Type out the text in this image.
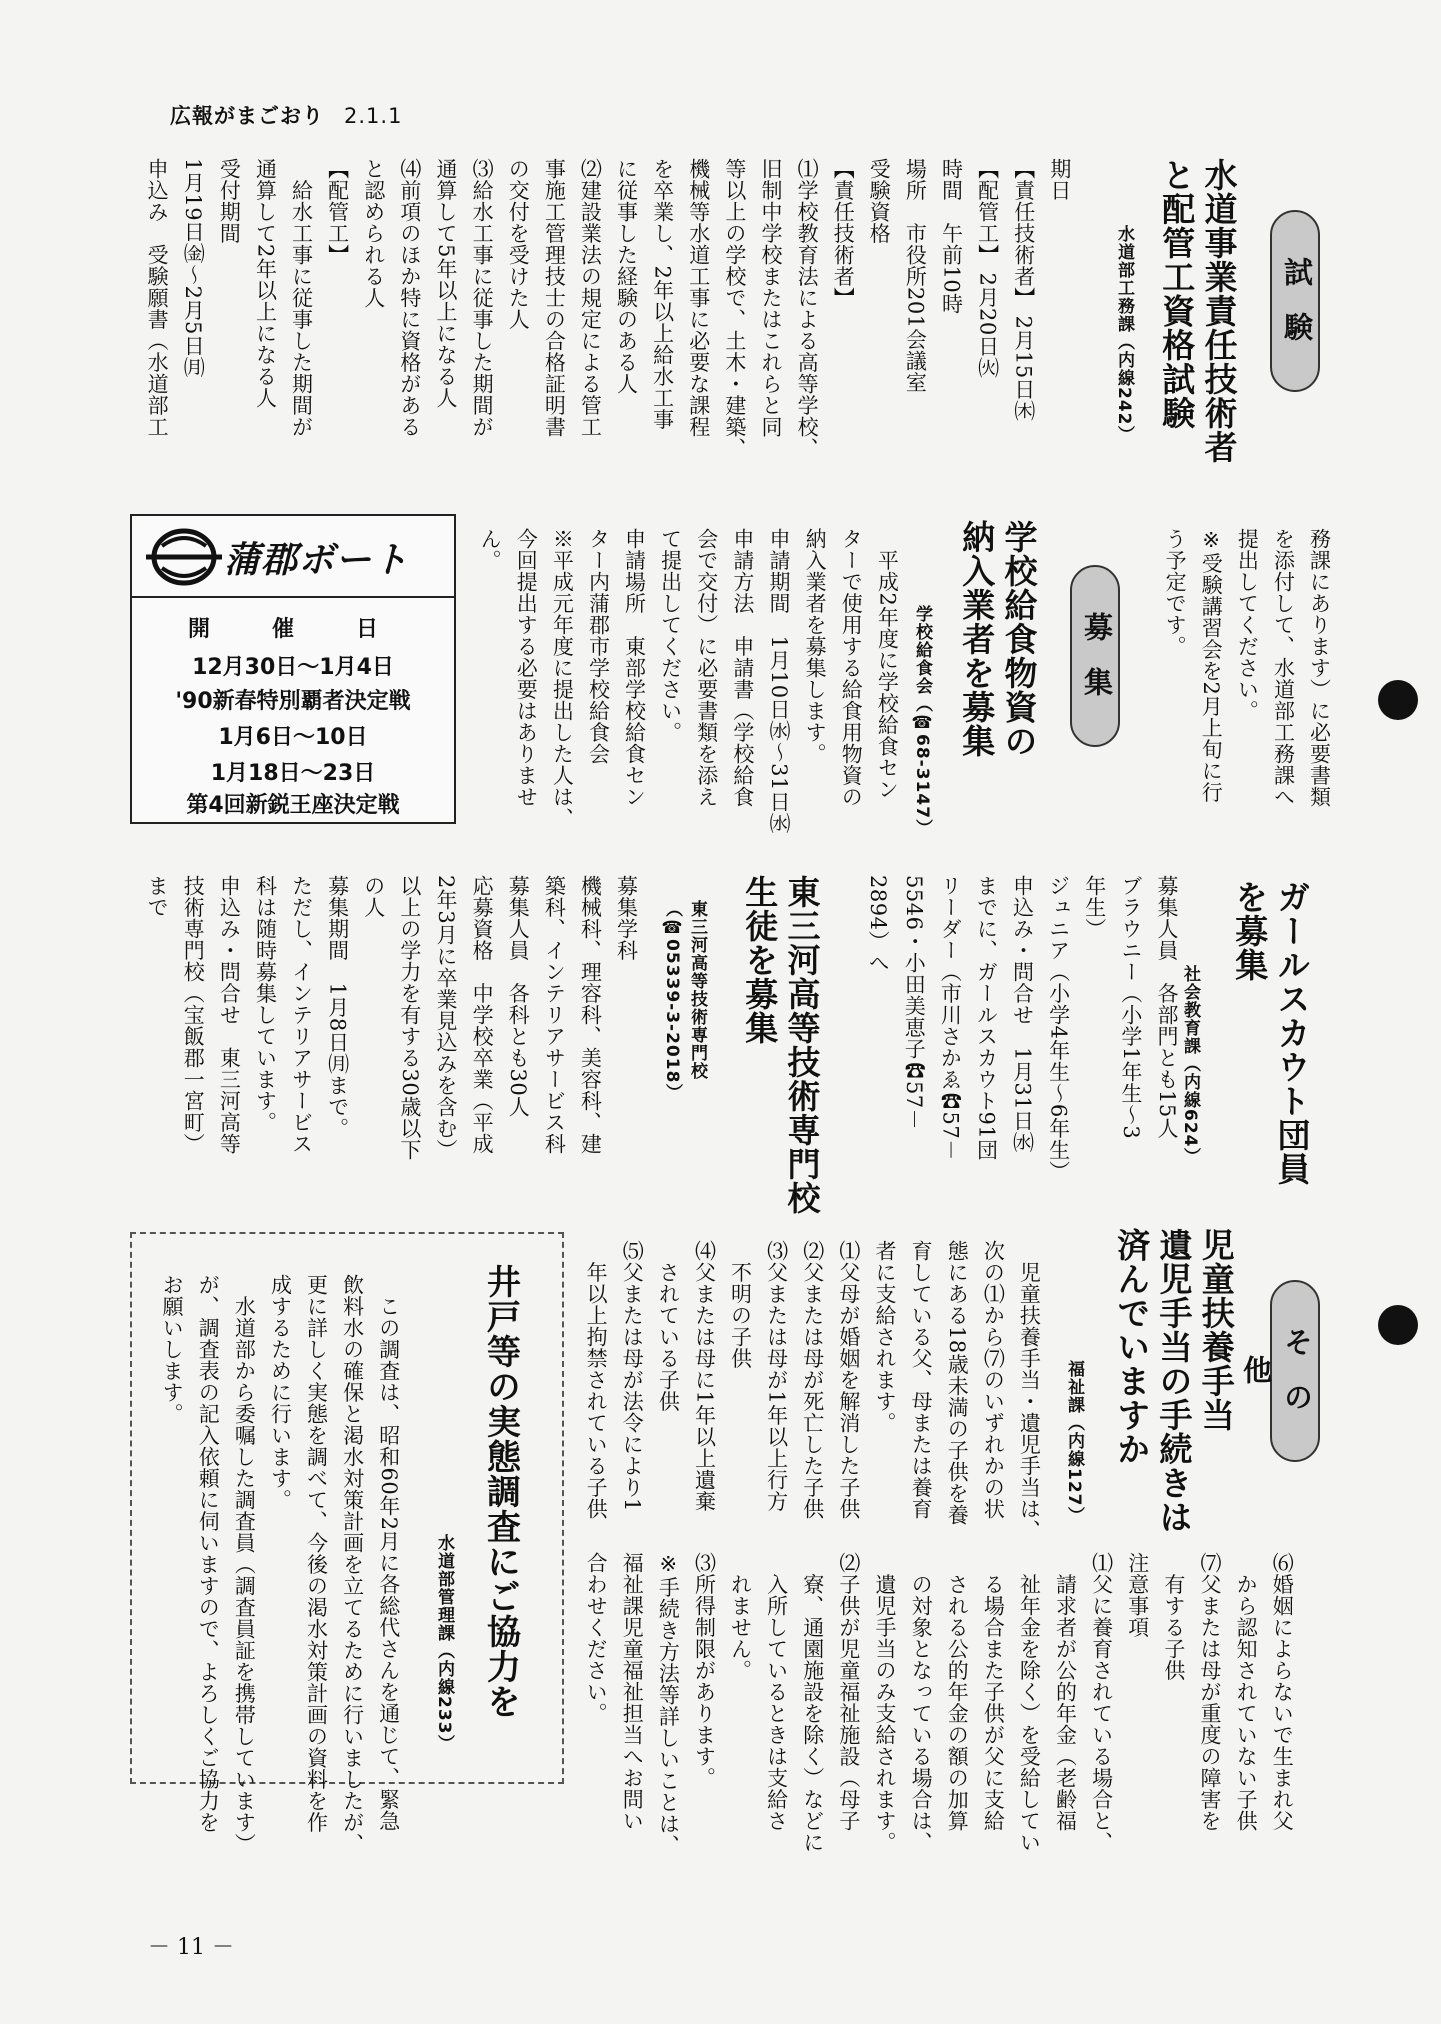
広報がまごおり 2.1.1
試験
水道事業責任技術者
と配管工資格試験
水道部工務課（内線242）
期日
【責任技術者】 2月15日㈭
【配管工】 2月20日㈫
時間　午前10時
場所　市役所201会議室
受験資格
【責任技術者】
⑴学校教育法による高等学校、
旧制中学校またはこれらと同
等以上の学校で、土木・建築、
機械等水道工事に必要な課程
を卒業し、2年以上給水工事
に従事した経験のある人
⑵建設業法の規定による管工
事施工管理技士の合格証明書
の交付を受けた人
⑶給水工事に従事した期間が
通算して5年以上になる人
⑷前項のほか特に資格がある
と認められる人
【配管工】
　給水工事に従事した期間が
通算して2年以上になる人
受付期間
1月19日㈮～2月5日㈪
申込み　受験願書（水道部工
務課にあります）に必要書類
を添付して、水道部工務課へ
提出してください。
※受験講習会を2月上旬に行
う予定です。
募集
学校給食物資の
納入業者を募集
学校給食会（☎68-3147）
　平成2年度に学校給食セン
ターで使用する給食用物資の
納入業者を募集します。
申請期間　1月10日㈬～31日㈬
申請方法　申請書（学校給食
会で交付）に必要書類を添え
て提出してください。
申請場所　東部学校給食セン
ター内蒲郡市学校給食会
※平成元年度に提出した人は、
今回提出する必要はありませ
ん。
蒲郡ボート
開　催　日
12月30日～1月4日
'90新春特別覇者決定戦
1月6日～10日
1月18日～23日
第4回新鋭王座決定戦
ガールスカウト団員
を募集
社会教育課（内線624）
募集人員　各部門とも15人
ブラウニー（小学1年生～3
年生）
ジュニア（小学4年生～6年生）
申込み・問合せ　1月31日㈬
までに、ガールスカウト91団
リーダー（市川さかゑ☎57－
5546・小田美恵子☎57－
2894）へ
東三河高等技術専門校
生徒を募集
東三河高等技術専門校
（☎05339-3-2018）
募集学科
機械科、理容科、美容科、建
築科、インテリアサービス科
募集人員　各科とも30人
応募資格　中学校卒業（平成
2年3月に卒業見込みを含む）
以上の学力を有する30歳以下
の人
募集期間　1月8日㈪まで。
ただし、インテリアサービス
科は随時募集しています。
申込み・問合せ　東三河高等
技術専門校（宝飯郡一宮町）
まで
その他
児童扶養手当
遺児手当の手続きは
済んでいますか
福祉課（内線127）
　児童扶養手当・遺児手当は、
次の⑴から⑺のいずれかの状
態にある18歳未満の子供を養
育している父、母または養育
者に支給されます。
⑴父母が婚姻を解消した子供
⑵父または母が死亡した子供
⑶父または母が1年以上行方
　不明の子供
⑷父または母に1年以上遺棄
　されている子供
⑸父または母が法令により1
　年以上拘禁されている子供
⑹婚姻によらないで生まれ父
　から認知されていない子供
⑺父または母が重度の障害を
　有する子供
注意事項
⑴父に養育されている場合と、
　請求者が公的年金（老齢福
　祉年金を除く）を受給してい
　る場合また子供が父に支給
　される公的年金の額の加算
　の対象となっている場合は、
　遺児手当のみ支給されます。
⑵子供が児童福祉施設（母子
　寮、通園施設を除く）などに
　入所しているときは支給さ
　れません。
⑶所得制限があります。
※手続き方法等詳しいことは、
福祉課児童福祉担当へお問い
合わせください。
井戸等の実態調査にご協力を
水道部管理課（内線233）
　この調査は、昭和60年2月に各総代さんを通じて、緊急
飲料水の確保と渇水対策計画を立てるために行いましたが、
更に詳しく実態を調べて、今後の渇水対策計画の資料を作
成するために行います。
　水道部から委嘱した調査員（調査員証を携帯しています）
が、調査表の記入依頼に伺いますので、よろしくご協力を
お願いします。
－ 11 －
